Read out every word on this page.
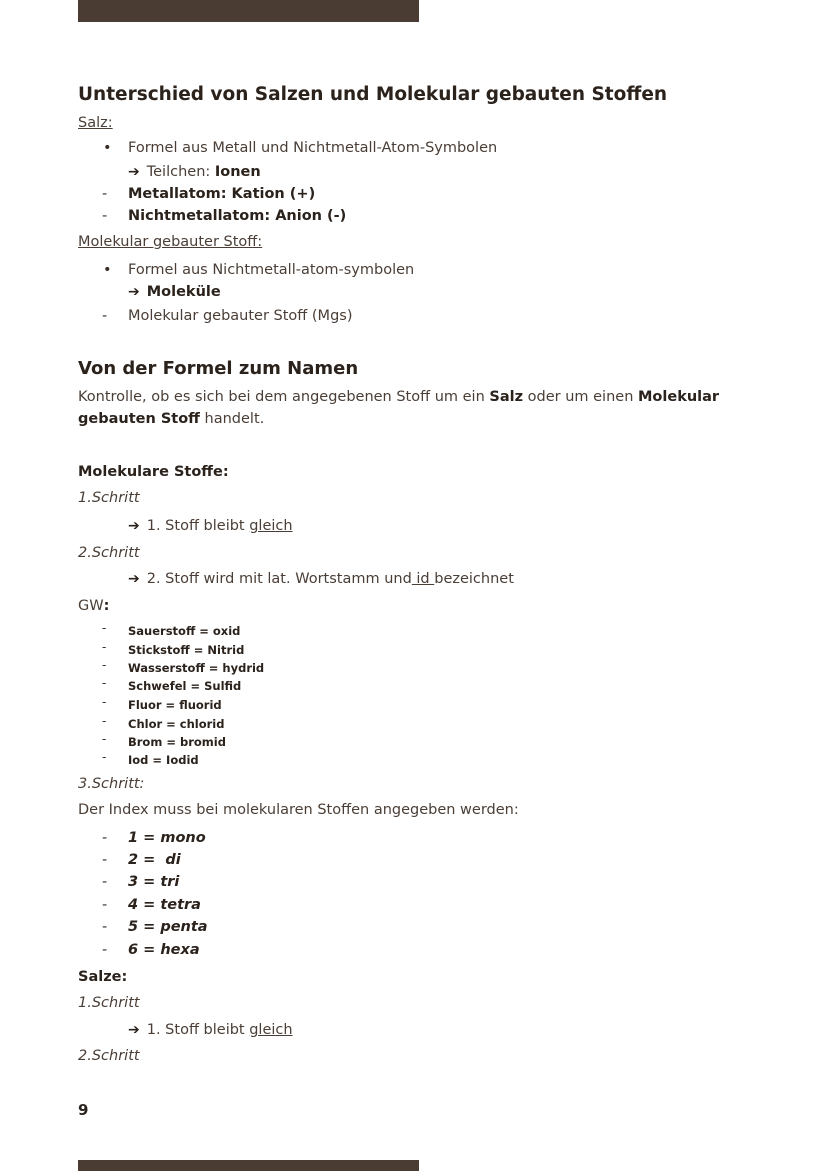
Unterschied von Salzen und Molekular gebauten Stoffen
Salz:
• Formel aus Metall und Nichtmetall-Atom-Symbolen
➔ Teilchen: Ionen
- Metallatom: Kation (+)
- Nichtmetallatom: Anion (-)
Molekular gebauter Stoff:
• Formel aus Nichtmetall-atom-symbolen
➔ Moleküle
- Molekular gebauter Stoff (Mgs)
Von der Formel zum Namen
Kontrolle, ob es sich bei dem angegebenen Stoff um ein Salz oder um einen Molekular
gebauten Stoff handelt.
Molekulare Stoffe:
1.Schritt
➔ 1. Stoff bleibt gleich
2.Schritt
➔ 2. Stoff wird mit lat. Wortstamm und id bezeichnet
GW:
- Sauerstoff = oxid
- Stickstoff = Nitrid
- Wasserstoff = hydrid
- Schwefel = Sulfid
- Fluor = fluorid
- Chlor = chlorid
- Brom = bromid
- Iod = Iodid
3.Schritt:
Der Index muss bei molekularen Stoffen angegeben werden:
- 1 = mono
- 2 =  di
- 3 = tri
- 4 = tetra
- 5 = penta
- 6 = hexa
Salze:
1.Schritt
➔ 1. Stoff bleibt gleich
2.Schritt
9
